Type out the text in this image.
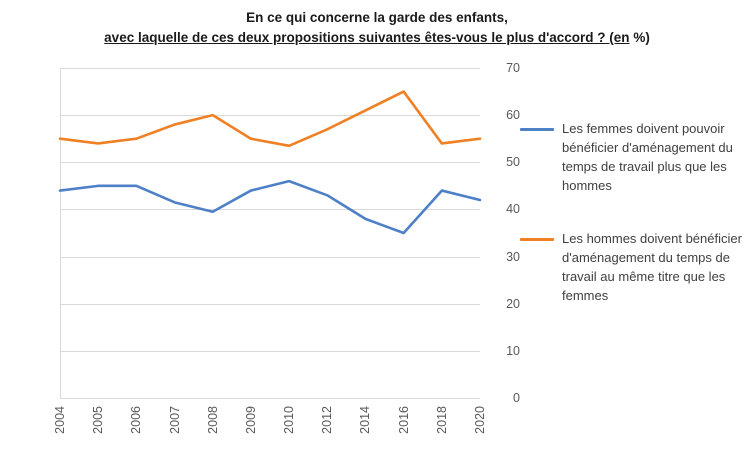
En ce qui concerne la garde des enfants,
avec laquelle de ces deux propositions suivantes êtes-vous le plus d'accord ? (en %)
0
10
20
30
40
50
60
70
2004 2005 2006 2007 2008 2009 2010 2012 2014 2016 2018 2020
Les femmes doivent pouvoir bénéficier d'aménagement du temps de travail plus que les hommes
Les hommes doivent bénéficier d'aménagement du temps de travail au même titre que les femmes
